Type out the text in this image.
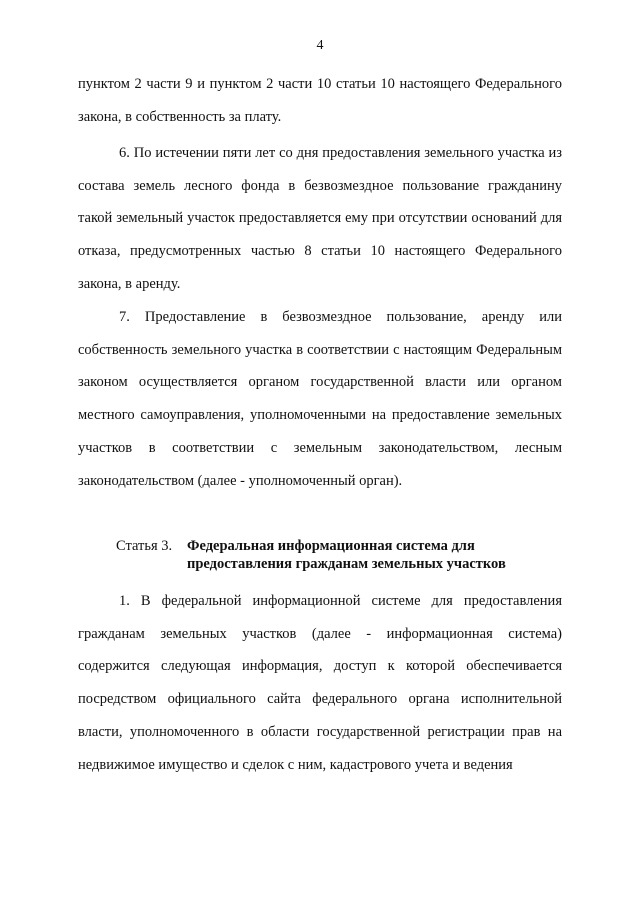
4

пунктом 2 части 9 и пунктом 2 части 10 статьи 10 настоящего Федерального закона, в собственность за плату.

6. По истечении пяти лет со дня предоставления земельного участка из состава земель лесного фонда в безвозмездное пользование гражданину такой земельный участок предоставляется ему при отсутствии оснований для отказа, предусмотренных частью 8 статьи 10 настоящего Федерального закона, в аренду.

7. Предоставление в безвозмездное пользование, аренду или собственность земельного участка в соответствии с настоящим Федеральным законом осуществляется органом государственной власти или органом местного самоуправления, уполномоченными на предоставление земельных участков в соответствии с земельным законодательством, лесным законодательством (далее - уполномоченный орган).

Статья 3. Федеральная информационная система для
предоставления гражданам земельных участков

1. В федеральной информационной системе для предоставления гражданам земельных участков (далее - информационная система) содержится следующая информация, доступ к которой обеспечивается посредством официального сайта федерального органа исполнительной власти, уполномоченного в области государственной регистрации прав на недвижимое имущество и сделок с ним, кадастрового учета и ведения
